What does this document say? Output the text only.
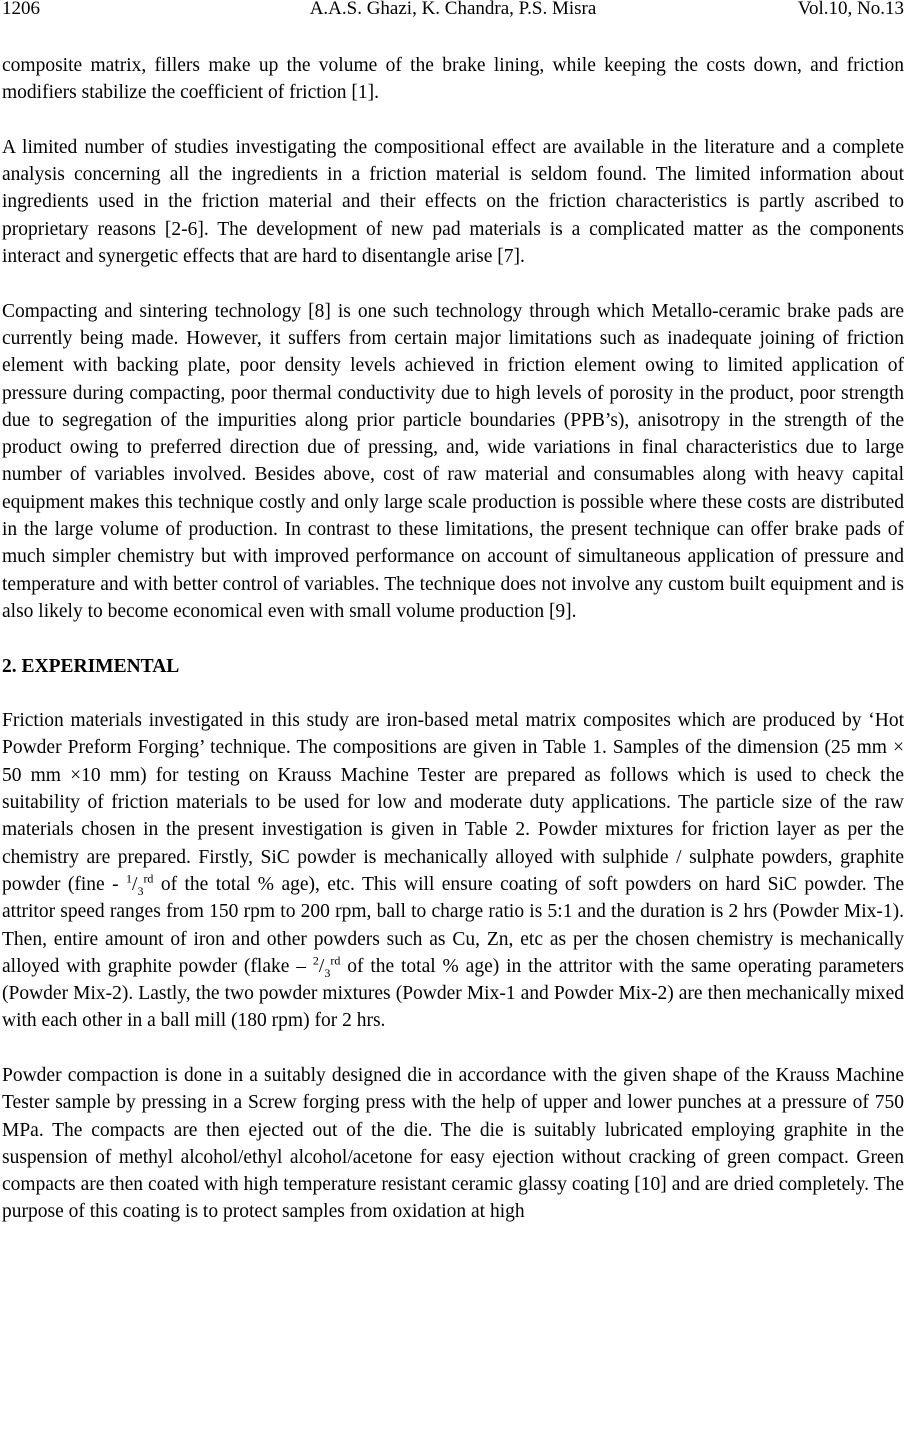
1206	A.A.S. Ghazi, K. Chandra, P.S. Misra	Vol.10, No.13

composite matrix, fillers make up the volume of the brake lining, while keeping the costs down, and friction modifiers stabilize the coefficient of friction [1].

A limited number of studies investigating the compositional effect are available in the literature and a complete analysis concerning all the ingredients in a friction material is seldom found. The limited information about ingredients used in the friction material and their effects on the friction characteristics is partly ascribed to proprietary reasons [2-6]. The development of new pad materials is a complicated matter as the components interact and synergetic effects that are hard to disentangle arise [7].

Compacting and sintering technology [8] is one such technology through which Metallo-ceramic brake pads are currently being made. However, it suffers from certain major limitations such as inadequate joining of friction element with backing plate, poor density levels achieved in friction element owing to limited application of pressure during compacting, poor thermal conductivity due to high levels of porosity in the product, poor strength due to segregation of the impurities along prior particle boundaries (PPB’s), anisotropy in the strength of the product owing to preferred direction due of pressing, and, wide variations in final characteristics due to large number of variables involved. Besides above, cost of raw material and consumables along with heavy capital equipment makes this technique costly and only large scale production is possible where these costs are distributed in the large volume of production. In contrast to these limitations, the present technique can offer brake pads of much simpler chemistry but with improved performance on account of simultaneous application of pressure and temperature and with better control of variables. The technique does not involve any custom built equipment and is also likely to become economical even with small volume production [9].

2. EXPERIMENTAL

Friction materials investigated in this study are iron-based metal matrix composites which are produced by ‘Hot Powder Preform Forging’ technique. The compositions are given in Table 1. Samples of the dimension (25 mm × 50 mm ×10 mm) for testing on Krauss Machine Tester are prepared as follows which is used to check the suitability of friction materials to be used for low and moderate duty applications. The particle size of the raw materials chosen in the present investigation is given in Table 2. Powder mixtures for friction layer as per the chemistry are prepared. Firstly, SiC powder is mechanically alloyed with sulphide / sulphate powders, graphite powder (fine - $^1/_3^{rd}$ of the total % age), etc. This will ensure coating of soft powders on hard SiC powder. The attritor speed ranges from 150 rpm to 200 rpm, ball to charge ratio is 5:1 and the duration is 2 hrs (Powder Mix-1). Then, entire amount of iron and other powders such as Cu, Zn, etc as per the chosen chemistry is mechanically alloyed with graphite powder (flake – $^2/_3^{rd}$ of the total % age) in the attritor with the same operating parameters (Powder Mix-2). Lastly, the two powder mixtures (Powder Mix-1 and Powder Mix-2) are then mechanically mixed with each other in a ball mill (180 rpm) for 2 hrs.

Powder compaction is done in a suitably designed die in accordance with the given shape of the Krauss Machine Tester sample by pressing in a Screw forging press with the help of upper and lower punches at a pressure of 750 MPa. The compacts are then ejected out of the die. The die is suitably lubricated employing graphite in the suspension of methyl alcohol/ethyl alcohol/acetone for easy ejection without cracking of green compact. Green compacts are then coated with high temperature resistant ceramic glassy coating [10] and are dried completely. The purpose of this coating is to protect samples from oxidation at high
